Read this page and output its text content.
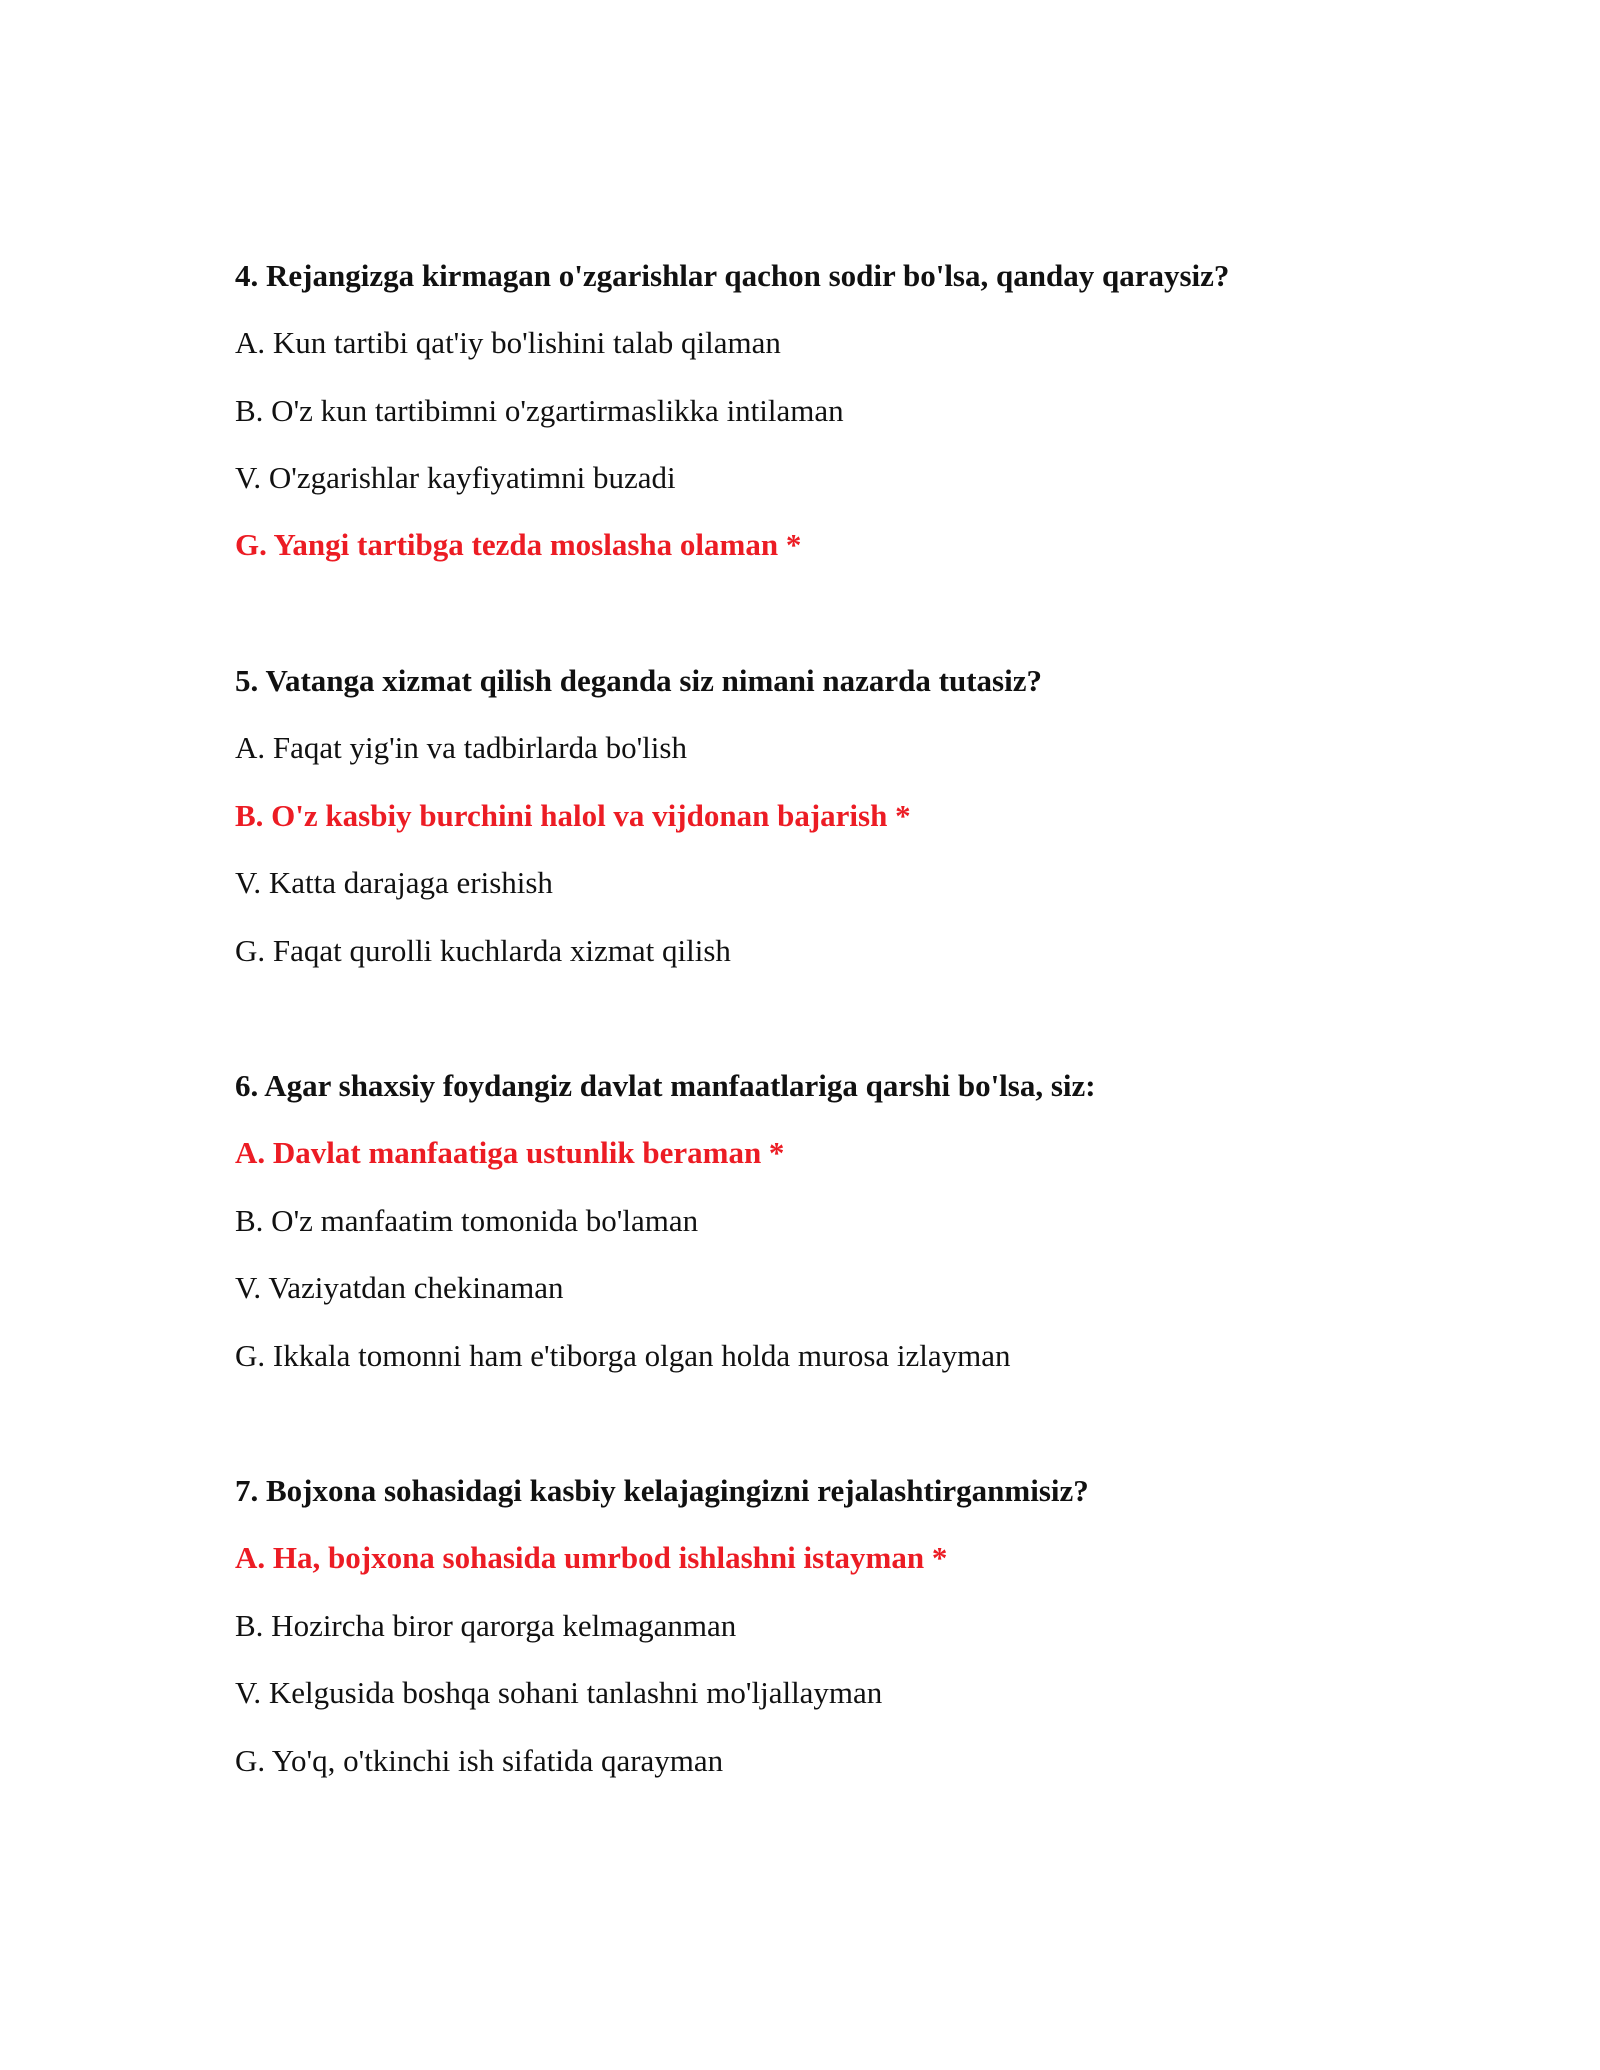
4. Rejangizga kirmagan o'zgarishlar qachon sodir bo'lsa, qanday qaraysiz?

A. Kun tartibi qat'iy bo'lishini talab qilaman

B. O'z kun tartibimni o'zgartirmaslikka intilaman

V. O'zgarishlar kayfiyatimni buzadi

G. Yangi tartibga tezda moslasha olaman *

5. Vatanga xizmat qilish deganda siz nimani nazarda tutasiz?

A. Faqat yig'in va tadbirlarda bo'lish

B. O'z kasbiy burchini halol va vijdonan bajarish *

V. Katta darajaga erishish

G. Faqat qurolli kuchlarda xizmat qilish

6. Agar shaxsiy foydangiz davlat manfaatlariga qarshi bo'lsa, siz:

A. Davlat manfaatiga ustunlik beraman *

B. O'z manfaatim tomonida bo'laman

V. Vaziyatdan chekinaman

G. Ikkala tomonni ham e'tiborga olgan holda murosa izlayman

7. Bojxona sohasidagi kasbiy kelajagingizni rejalashtirganmisiz?

A. Ha, bojxona sohasida umrbod ishlashni istayman *

B. Hozircha biror qarorga kelmaganman

V. Kelgusida boshqa sohani tanlashni mo'ljallayman

G. Yo'q, o'tkinchi ish sifatida qarayman
